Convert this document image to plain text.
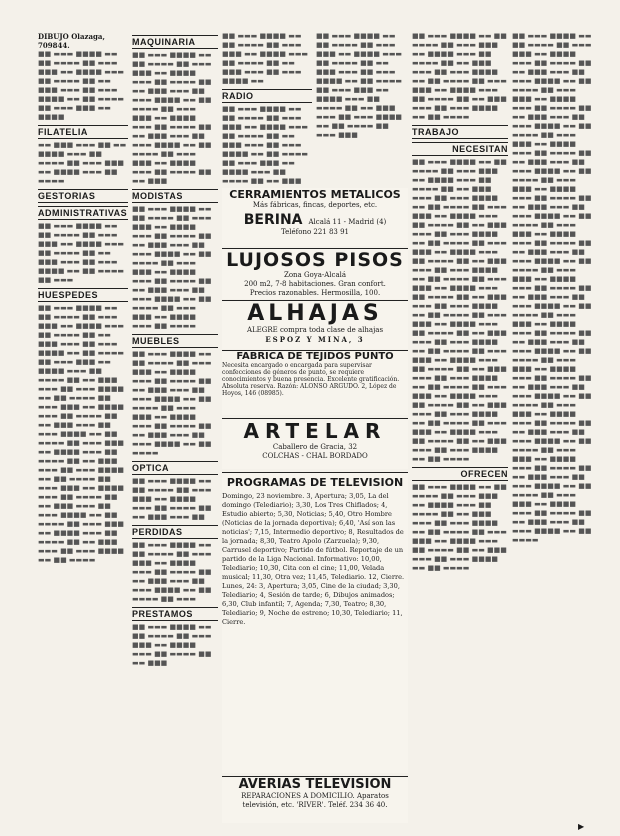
DIBUJO Olazaga, 709844.
■■ ▬▬▬ ■■■■ ▬▬ ■■ ▬▬▬▬ ■■ ▬▬▬ ■■■ ▬▬ ■■■■ ▬▬▬ ■■ ▬▬▬▬ ■■ ▬▬ ■■■ ▬▬▬ ■■ ▬▬▬ ■■■■ ▬▬ ■■ ▬▬▬▬ ■■ ▬▬▬ ■■■ ▬▬ ■■■■
FILATELIA
▬▬ ■■■ ▬▬▬ ■■ ▬▬ ■■■■ ▬▬▬ ■■ ▬▬▬▬ ■■ ▬▬▬ ■■■ ▬▬ ■■■■ ▬▬▬ ■■ ▬▬▬▬
GESTORIAS
ADMINISTRATIVAS
■■ ▬▬▬ ■■■■ ▬▬ ■■ ▬▬▬▬ ■■ ▬▬▬ ■■■ ▬▬ ■■■■ ▬▬▬ ■■ ▬▬▬▬ ■■ ▬▬ ■■■ ▬▬▬ ■■ ▬▬▬ ■■■■ ▬▬ ■■ ▬▬▬▬ ■■ ▬▬▬
HUESPEDES
■■ ▬▬▬ ■■■■ ▬▬ ■■ ▬▬▬▬ ■■ ▬▬▬ ■■■ ▬▬ ■■■■ ▬▬▬ ■■ ▬▬▬▬ ■■ ▬▬ ■■■ ▬▬▬ ■■ ▬▬▬ ■■■■ ▬▬ ■■ ▬▬▬▬ ■■ ▬▬▬ ■■■ ▬▬ ■■■■ ▬▬▬ ■■ ▬▬▬▬ ■■ ▬▬ ■■■ ▬▬▬ ■■ ▬▬▬ ■■■■ ▬▬ ■■ ▬▬▬▬ ■■ ▬▬▬ ■■■ ▬▬ ■■■■ ▬▬▬ ■■ ▬▬▬▬ ■■ ▬▬ ■■■ ▬▬▬ ■■ ▬▬▬ ■■■■ ▬▬ ■■ ▬▬▬▬ ■■ ▬▬▬ ■■■ ▬▬ ■■■■ ▬▬▬ ■■ ▬▬▬▬ ■■ ▬▬ ■■■ ▬▬▬ ■■ ▬▬▬ ■■■■ ▬▬ ■■ ▬▬▬▬ ■■ ▬▬▬ ■■■ ▬▬ ■■■■ ▬▬▬ ■■ ▬▬▬▬ ■■ ▬▬ ■■■ ▬▬▬ ■■ ▬▬▬ ■■■■ ▬▬ ■■ ▬▬▬▬ ■■ ▬▬▬ ■■■ ▬▬ ■■■■ ▬▬▬ ■■ ▬▬▬▬ ■■ ▬▬ ■■■ ▬▬▬ ■■ ▬▬▬ ■■■■ ▬▬ ■■ ▬▬▬▬
MAQUINARIA
■■ ▬▬▬ ■■■■ ▬▬ ■■ ▬▬▬▬ ■■ ▬▬▬ ■■■ ▬▬ ■■■■ ▬▬▬ ■■ ▬▬▬▬ ■■ ▬▬ ■■■ ▬▬▬ ■■ ▬▬▬ ■■■■ ▬▬ ■■ ▬▬▬▬ ■■ ▬▬▬ ■■■ ▬▬ ■■■■ ▬▬▬ ■■ ▬▬▬▬ ■■ ▬▬ ■■■ ▬▬▬ ■■ ▬▬▬ ■■■■ ▬▬ ■■ ▬▬▬▬ ■■ ▬▬▬ ■■■ ▬▬ ■■■■ ▬▬▬ ■■ ▬▬▬▬ ■■ ▬▬ ■■■
MODISTAS
■■ ▬▬▬ ■■■■ ▬▬ ■■ ▬▬▬▬ ■■ ▬▬▬ ■■■ ▬▬ ■■■■ ▬▬▬ ■■ ▬▬▬▬ ■■ ▬▬ ■■■ ▬▬▬ ■■ ▬▬▬ ■■■■ ▬▬ ■■ ▬▬▬▬ ■■ ▬▬▬ ■■■ ▬▬ ■■■■ ▬▬▬ ■■ ▬▬▬▬ ■■ ▬▬ ■■■ ▬▬▬ ■■ ▬▬▬ ■■■■ ▬▬ ■■ ▬▬▬▬ ■■ ▬▬▬ ■■■ ▬▬ ■■■■ ▬▬▬ ■■ ▬▬▬▬
MUEBLES
■■ ▬▬▬ ■■■■ ▬▬ ■■ ▬▬▬▬ ■■ ▬▬▬ ■■■ ▬▬ ■■■■ ▬▬▬ ■■ ▬▬▬▬ ■■ ▬▬ ■■■ ▬▬▬ ■■ ▬▬▬ ■■■■ ▬▬ ■■ ▬▬▬▬ ■■ ▬▬▬ ■■■ ▬▬ ■■■■ ▬▬▬ ■■ ▬▬▬▬ ■■ ▬▬ ■■■ ▬▬▬ ■■ ▬▬▬ ■■■■ ▬▬ ■■ ▬▬▬▬
OPTICA
■■ ▬▬▬ ■■■■ ▬▬ ■■ ▬▬▬▬ ■■ ▬▬▬ ■■■ ▬▬ ■■■■ ▬▬▬ ■■ ▬▬▬▬ ■■ ▬▬ ■■■ ▬▬▬ ■■
PERDIDAS
■■ ▬▬▬ ■■■■ ▬▬ ■■ ▬▬▬▬ ■■ ▬▬▬ ■■■ ▬▬ ■■■■ ▬▬▬ ■■ ▬▬▬▬ ■■ ▬▬ ■■■ ▬▬▬ ■■ ▬▬▬ ■■■■ ▬▬ ■■ ▬▬▬▬ ■■ ▬▬▬
PRESTAMOS
■■ ▬▬▬ ■■■■ ▬▬ ■■ ▬▬▬▬ ■■ ▬▬▬ ■■■ ▬▬ ■■■■ ▬▬▬ ■■ ▬▬▬▬ ■■ ▬▬ ■■■
■■ ▬▬▬ ■■■■ ▬▬ ■■ ▬▬▬▬ ■■ ▬▬▬ ■■■ ▬▬ ■■■■ ▬▬▬ ■■ ▬▬▬▬ ■■ ▬▬ ■■■ ▬▬▬ ■■ ▬▬▬ ■■■■ ▬▬
RADIO
■■ ▬▬▬ ■■■■ ▬▬ ■■ ▬▬▬▬ ■■ ▬▬▬ ■■■ ▬▬ ■■■■ ▬▬▬ ■■ ▬▬▬▬ ■■ ▬▬ ■■■ ▬▬▬ ■■ ▬▬▬ ■■■■ ▬▬ ■■ ▬▬▬▬ ■■ ▬▬▬ ■■■ ▬▬ ■■■■ ▬▬▬ ■■ ▬▬▬▬ ■■ ▬▬ ■■■
■■ ▬▬▬ ■■■■ ▬▬ ■■ ▬▬▬▬ ■■ ▬▬▬ ■■■ ▬▬ ■■■■ ▬▬▬ ■■ ▬▬▬▬ ■■ ▬▬ ■■■ ▬▬▬ ■■ ▬▬▬ ■■■■ ▬▬ ■■ ▬▬▬▬ ■■ ▬▬▬ ■■■ ▬▬ ■■■■ ▬▬▬ ■■ ▬▬▬▬ ■■ ▬▬ ■■■ ▬▬▬ ■■ ▬▬▬ ■■■■ ▬▬ ■■ ▬▬▬▬ ■■ ▬▬▬ ■■■
CERRAMIENTOS METALICOS
Más fábricas, fincas, deportes, etc.
BERINA Alcalá 11 - Madrid (4)
Teléfono 221 83 91
LUJOSOS PISOS
Zona Goya-Alcalá
200 m2, 7-8 habitaciones. Gran confort.
Precios razonables. Hermosilla, 100.
ALHAJAS
ALEGRE compra toda clase de alhajas
ESPOZ Y MINA, 3
FABRICA DE TEJIDOS PUNTO
Necesita encargado o encargada para supervisar confecciones de géneros de punto, se requiere conocimientos y buena presencia. Excelente gratificación. Absoluta reserva. Razón: ALONSO ARGUDO. 2, López de Hoyos, 146 (08985).
ARTELAR
Caballero de Gracia, 32
COLCHAS - CHAL BORDADO
PROGRAMAS DE TELEVISION
Domingo, 23 noviembre. 3, Apertura; 3,05, La del domingo (Telediario); 3,30, Los Tres Chiflados; 4, Estudio abierto; 5,30, Noticias; 5,40, Otro Hombre (Noticias de la jornada deportiva); 6,40, 'Así son las noticias'; 7,15, Intermedio deportivo; 8, Resultados de la jornada; 8,30, Teatro Apolo (Zarzuela); 9,30, Carrusel deportivo; Partido de fútbol. Reportaje de un partido de la Liga Nacional. Informativo: 10,00, Telediario; 10,30, Cita con el cine; 11,00, Velada musical; 11,30, Otra vez; 11,45, Telediario. 12, Cierre. Lunes, 24: 3, Apertura; 3,05, Cine de la ciudad; 3,30, Telediario; 4, Sesión de tarde; 6, Dibujos animados; 6,30, Club infantil; 7, Agenda; 7,30, Teatro; 8,30, Telediario; 9, Noche de estreno; 10,30, Telediario; 11, Cierre.
AVERIAS TELEVISION
REPARACIONES A DOMICILIO. Aparatos
televisión, etc. 'RIVER'. Teléf. 234 36 40.
■■ ▬▬▬ ■■■■ ▬▬ ■■ ▬▬▬▬ ■■ ▬▬▬ ■■■ ▬▬ ■■■■ ▬▬▬ ■■ ▬▬▬▬ ■■ ▬▬ ■■■ ▬▬▬ ■■ ▬▬▬ ■■■■ ▬▬ ■■ ▬▬▬▬ ■■ ▬▬▬ ■■■ ▬▬ ■■■■ ▬▬▬ ■■ ▬▬▬▬ ■■ ▬▬ ■■■ ▬▬▬ ■■ ▬▬▬ ■■■■ ▬▬ ■■ ▬▬▬▬
TRABAJO
NECESITAN
■■ ▬▬▬ ■■■■ ▬▬ ■■ ▬▬▬▬ ■■ ▬▬▬ ■■■ ▬▬ ■■■■ ▬▬▬ ■■ ▬▬▬▬ ■■ ▬▬ ■■■ ▬▬▬ ■■ ▬▬▬ ■■■■ ▬▬ ■■ ▬▬▬▬ ■■ ▬▬▬ ■■■ ▬▬ ■■■■ ▬▬▬ ■■ ▬▬▬▬ ■■ ▬▬ ■■■ ▬▬▬ ■■ ▬▬▬ ■■■■ ▬▬ ■■ ▬▬▬▬ ■■ ▬▬▬ ■■■ ▬▬ ■■■■ ▬▬▬ ■■ ▬▬▬▬ ■■ ▬▬ ■■■ ▬▬▬ ■■ ▬▬▬ ■■■■ ▬▬ ■■ ▬▬▬▬ ■■ ▬▬▬ ■■■ ▬▬ ■■■■ ▬▬▬ ■■ ▬▬▬▬ ■■ ▬▬ ■■■ ▬▬▬ ■■ ▬▬▬ ■■■■ ▬▬ ■■ ▬▬▬▬ ■■ ▬▬▬ ■■■ ▬▬ ■■■■ ▬▬▬ ■■ ▬▬▬▬ ■■ ▬▬ ■■■ ▬▬▬ ■■ ▬▬▬ ■■■■ ▬▬ ■■ ▬▬▬▬ ■■ ▬▬▬ ■■■ ▬▬ ■■■■ ▬▬▬ ■■ ▬▬▬▬ ■■ ▬▬ ■■■ ▬▬▬ ■■ ▬▬▬ ■■■■ ▬▬ ■■ ▬▬▬▬ ■■ ▬▬▬ ■■■ ▬▬ ■■■■ ▬▬▬ ■■ ▬▬▬▬ ■■ ▬▬ ■■■ ▬▬▬ ■■ ▬▬▬ ■■■■ ▬▬ ■■ ▬▬▬▬ ■■ ▬▬▬ ■■■ ▬▬ ■■■■ ▬▬▬ ■■ ▬▬▬▬ ■■ ▬▬ ■■■ ▬▬▬ ■■ ▬▬▬ ■■■■ ▬▬ ■■ ▬▬▬▬
OFRECEN
■■ ▬▬▬ ■■■■ ▬▬ ■■ ▬▬▬▬ ■■ ▬▬▬ ■■■ ▬▬ ■■■■ ▬▬▬ ■■ ▬▬▬▬ ■■ ▬▬ ■■■ ▬▬▬ ■■ ▬▬▬ ■■■■ ▬▬ ■■ ▬▬▬▬ ■■ ▬▬▬ ■■■ ▬▬ ■■■■ ▬▬▬ ■■ ▬▬▬▬ ■■ ▬▬ ■■■ ▬▬▬ ■■ ▬▬▬ ■■■■ ▬▬ ■■ ▬▬▬▬
■■ ▬▬▬ ■■■■ ▬▬ ■■ ▬▬▬▬ ■■ ▬▬▬ ■■■ ▬▬ ■■■■ ▬▬▬ ■■ ▬▬▬▬ ■■ ▬▬ ■■■ ▬▬▬ ■■ ▬▬▬ ■■■■ ▬▬ ■■ ▬▬▬▬ ■■ ▬▬▬ ■■■ ▬▬ ■■■■ ▬▬▬ ■■ ▬▬▬▬ ■■ ▬▬ ■■■ ▬▬▬ ■■ ▬▬▬ ■■■■ ▬▬ ■■ ▬▬▬▬ ■■ ▬▬▬ ■■■ ▬▬ ■■■■ ▬▬▬ ■■ ▬▬▬▬ ■■ ▬▬ ■■■ ▬▬▬ ■■ ▬▬▬ ■■■■ ▬▬ ■■ ▬▬▬▬ ■■ ▬▬▬ ■■■ ▬▬ ■■■■ ▬▬▬ ■■ ▬▬▬▬ ■■ ▬▬ ■■■ ▬▬▬ ■■ ▬▬▬ ■■■■ ▬▬ ■■ ▬▬▬▬ ■■ ▬▬▬ ■■■ ▬▬ ■■■■ ▬▬▬ ■■ ▬▬▬▬ ■■ ▬▬ ■■■ ▬▬▬ ■■ ▬▬▬ ■■■■ ▬▬ ■■ ▬▬▬▬ ■■ ▬▬▬ ■■■ ▬▬ ■■■■ ▬▬▬ ■■ ▬▬▬▬ ■■ ▬▬ ■■■ ▬▬▬ ■■ ▬▬▬ ■■■■ ▬▬ ■■ ▬▬▬▬ ■■ ▬▬▬ ■■■ ▬▬ ■■■■ ▬▬▬ ■■ ▬▬▬▬ ■■ ▬▬ ■■■ ▬▬▬ ■■ ▬▬▬ ■■■■ ▬▬ ■■ ▬▬▬▬ ■■ ▬▬▬ ■■■ ▬▬ ■■■■ ▬▬▬ ■■ ▬▬▬▬ ■■ ▬▬ ■■■ ▬▬▬ ■■ ▬▬▬ ■■■■ ▬▬ ■■ ▬▬▬▬ ■■ ▬▬▬ ■■■ ▬▬ ■■■■ ▬▬▬ ■■ ▬▬▬▬ ■■ ▬▬ ■■■ ▬▬▬ ■■ ▬▬▬ ■■■■ ▬▬ ■■ ▬▬▬▬ ■■ ▬▬▬ ■■■ ▬▬ ■■■■ ▬▬▬ ■■ ▬▬▬▬ ■■ ▬▬ ■■■ ▬▬▬ ■■ ▬▬▬ ■■■■ ▬▬ ■■ ▬▬▬▬ ■■ ▬▬▬ ■■■ ▬▬ ■■■■ ▬▬▬ ■■ ▬▬▬▬ ■■ ▬▬ ■■■ ▬▬▬ ■■ ▬▬▬ ■■■■ ▬▬ ■■ ▬▬▬▬
▶
